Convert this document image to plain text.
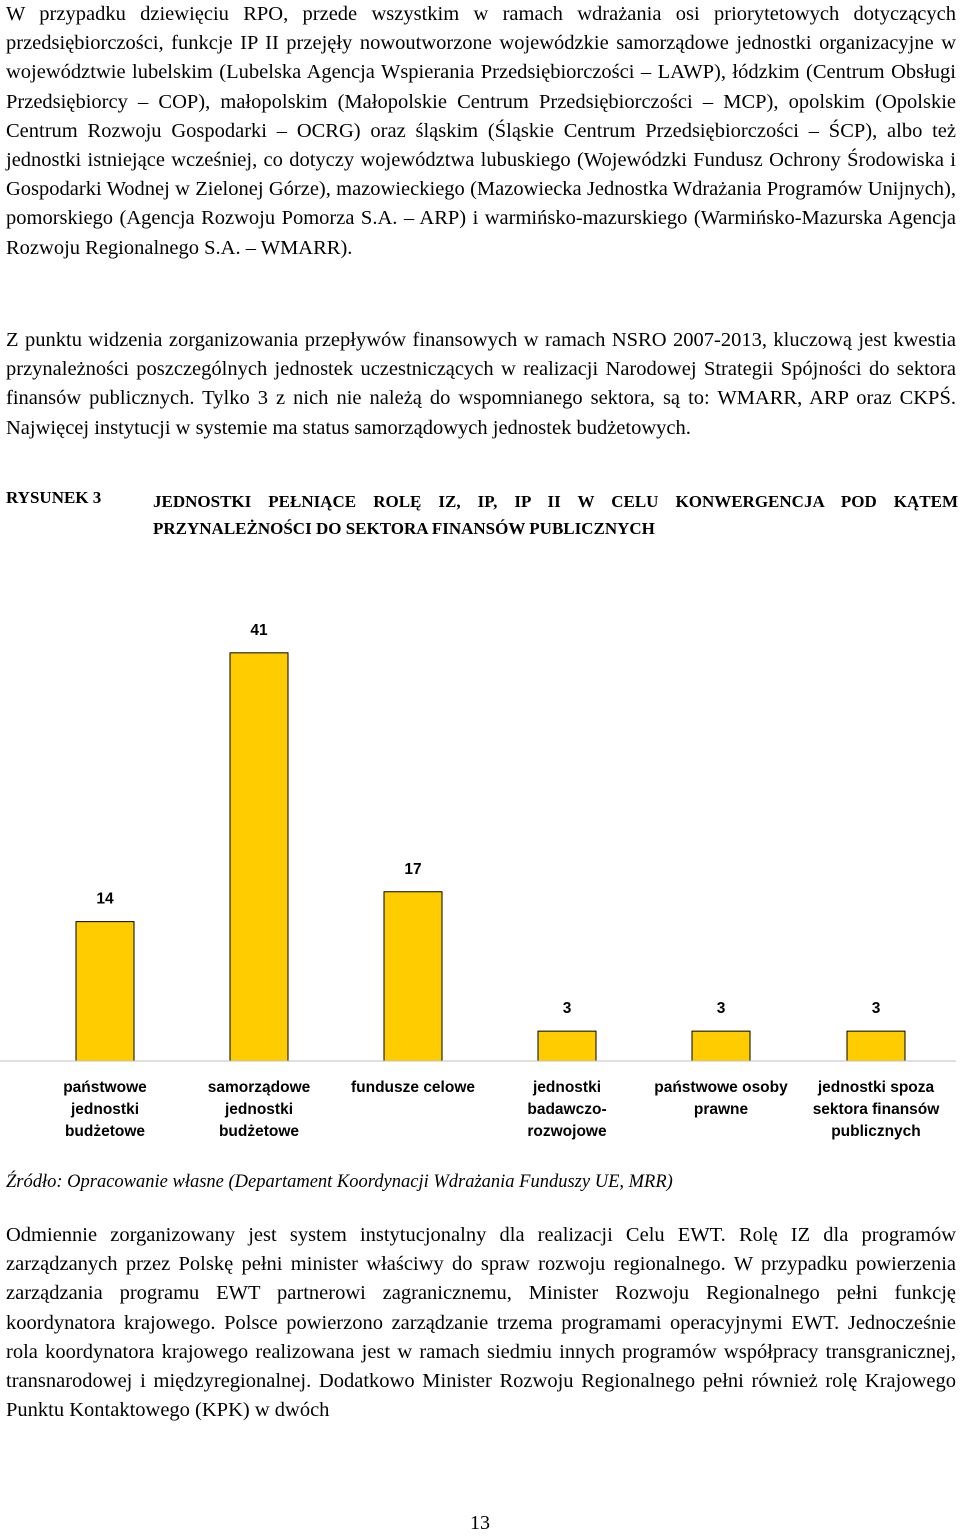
W przypadku dziewięciu RPO, przede wszystkim w ramach wdrażania osi priorytetowych dotyczących przedsiębiorczości, funkcje IP II przejęły nowoutworzone wojewódzkie samorządowe jednostki organizacyjne w województwie lubelskim (Lubelska Agencja Wspierania Przedsiębiorczości – LAWP), łódzkim (Centrum Obsługi Przedsiębiorcy – COP), małopolskim (Małopolskie Centrum Przedsiębiorczości – MCP), opolskim (Opolskie Centrum Rozwoju Gospodarki – OCRG) oraz śląskim (Śląskie Centrum Przedsiębiorczości – ŚCP), albo też jednostki istniejące wcześniej, co dotyczy województwa lubuskiego (Wojewódzki Fundusz Ochrony Środowiska i Gospodarki Wodnej w Zielonej Górze), mazowieckiego (Mazowiecka Jednostka Wdrażania Programów Unijnych), pomorskiego (Agencja Rozwoju Pomorza S.A. – ARP) i warmińsko-mazurskiego (Warmińsko-Mazurska Agencja Rozwoju Regionalnego S.A. – WMARR).

Z punktu widzenia zorganizowania przepływów finansowych w ramach NSRO 2007-2013, kluczową jest kwestia przynależności poszczególnych jednostek uczestniczących w realizacji Narodowej Strategii Spójności do sektora finansów publicznych. Tylko 3 z nich nie należą do wspomnianego sektora, są to: WMARR, ARP oraz CKPŚ. Najwięcej instytucji w systemie ma status samorządowych jednostek budżetowych.

RYSUNEK 3	JEDNOSTKI PEŁNIĄCE ROLĘ IZ, IP, IP II W CELU KONWERGENCJA POD KĄTEM PRZYNALEŻNOŚCI DO SEKTORA FINANSÓW PUBLICZNYCH

14
41
17
3	3	3
państwowe
jednostki
budżetowe
samorządowe
jednostki
budżetowe
fundusze celowe	jednostki
badawczo-
rozwojowe
państwowe osoby
prawne
jednostki spoza
sektora finansów
publicznych
Źródło: Opracowanie własne (Departament Koordynacji Wdrażania Funduszy UE, MRR)

Odmiennie zorganizowany jest system instytucjonalny dla realizacji Celu EWT. Rolę IZ dla programów zarządzanych przez Polskę pełni minister właściwy do spraw rozwoju regionalnego. W przypadku powierzenia zarządzania programu EWT partnerowi zagranicznemu, Minister Rozwoju Regionalnego pełni funkcję koordynatora krajowego. Polsce powierzono zarządzanie trzema programami operacyjnymi EWT. Jednocześnie rola koordynatora krajowego realizowana jest w ramach siedmiu innych programów współpracy transgranicznej, transnarodowej i międzyregionalnej. Dodatkowo Minister Rozwoju Regionalnego pełni również rolę Krajowego Punktu Kontaktowego (KPK) w dwóch

13
